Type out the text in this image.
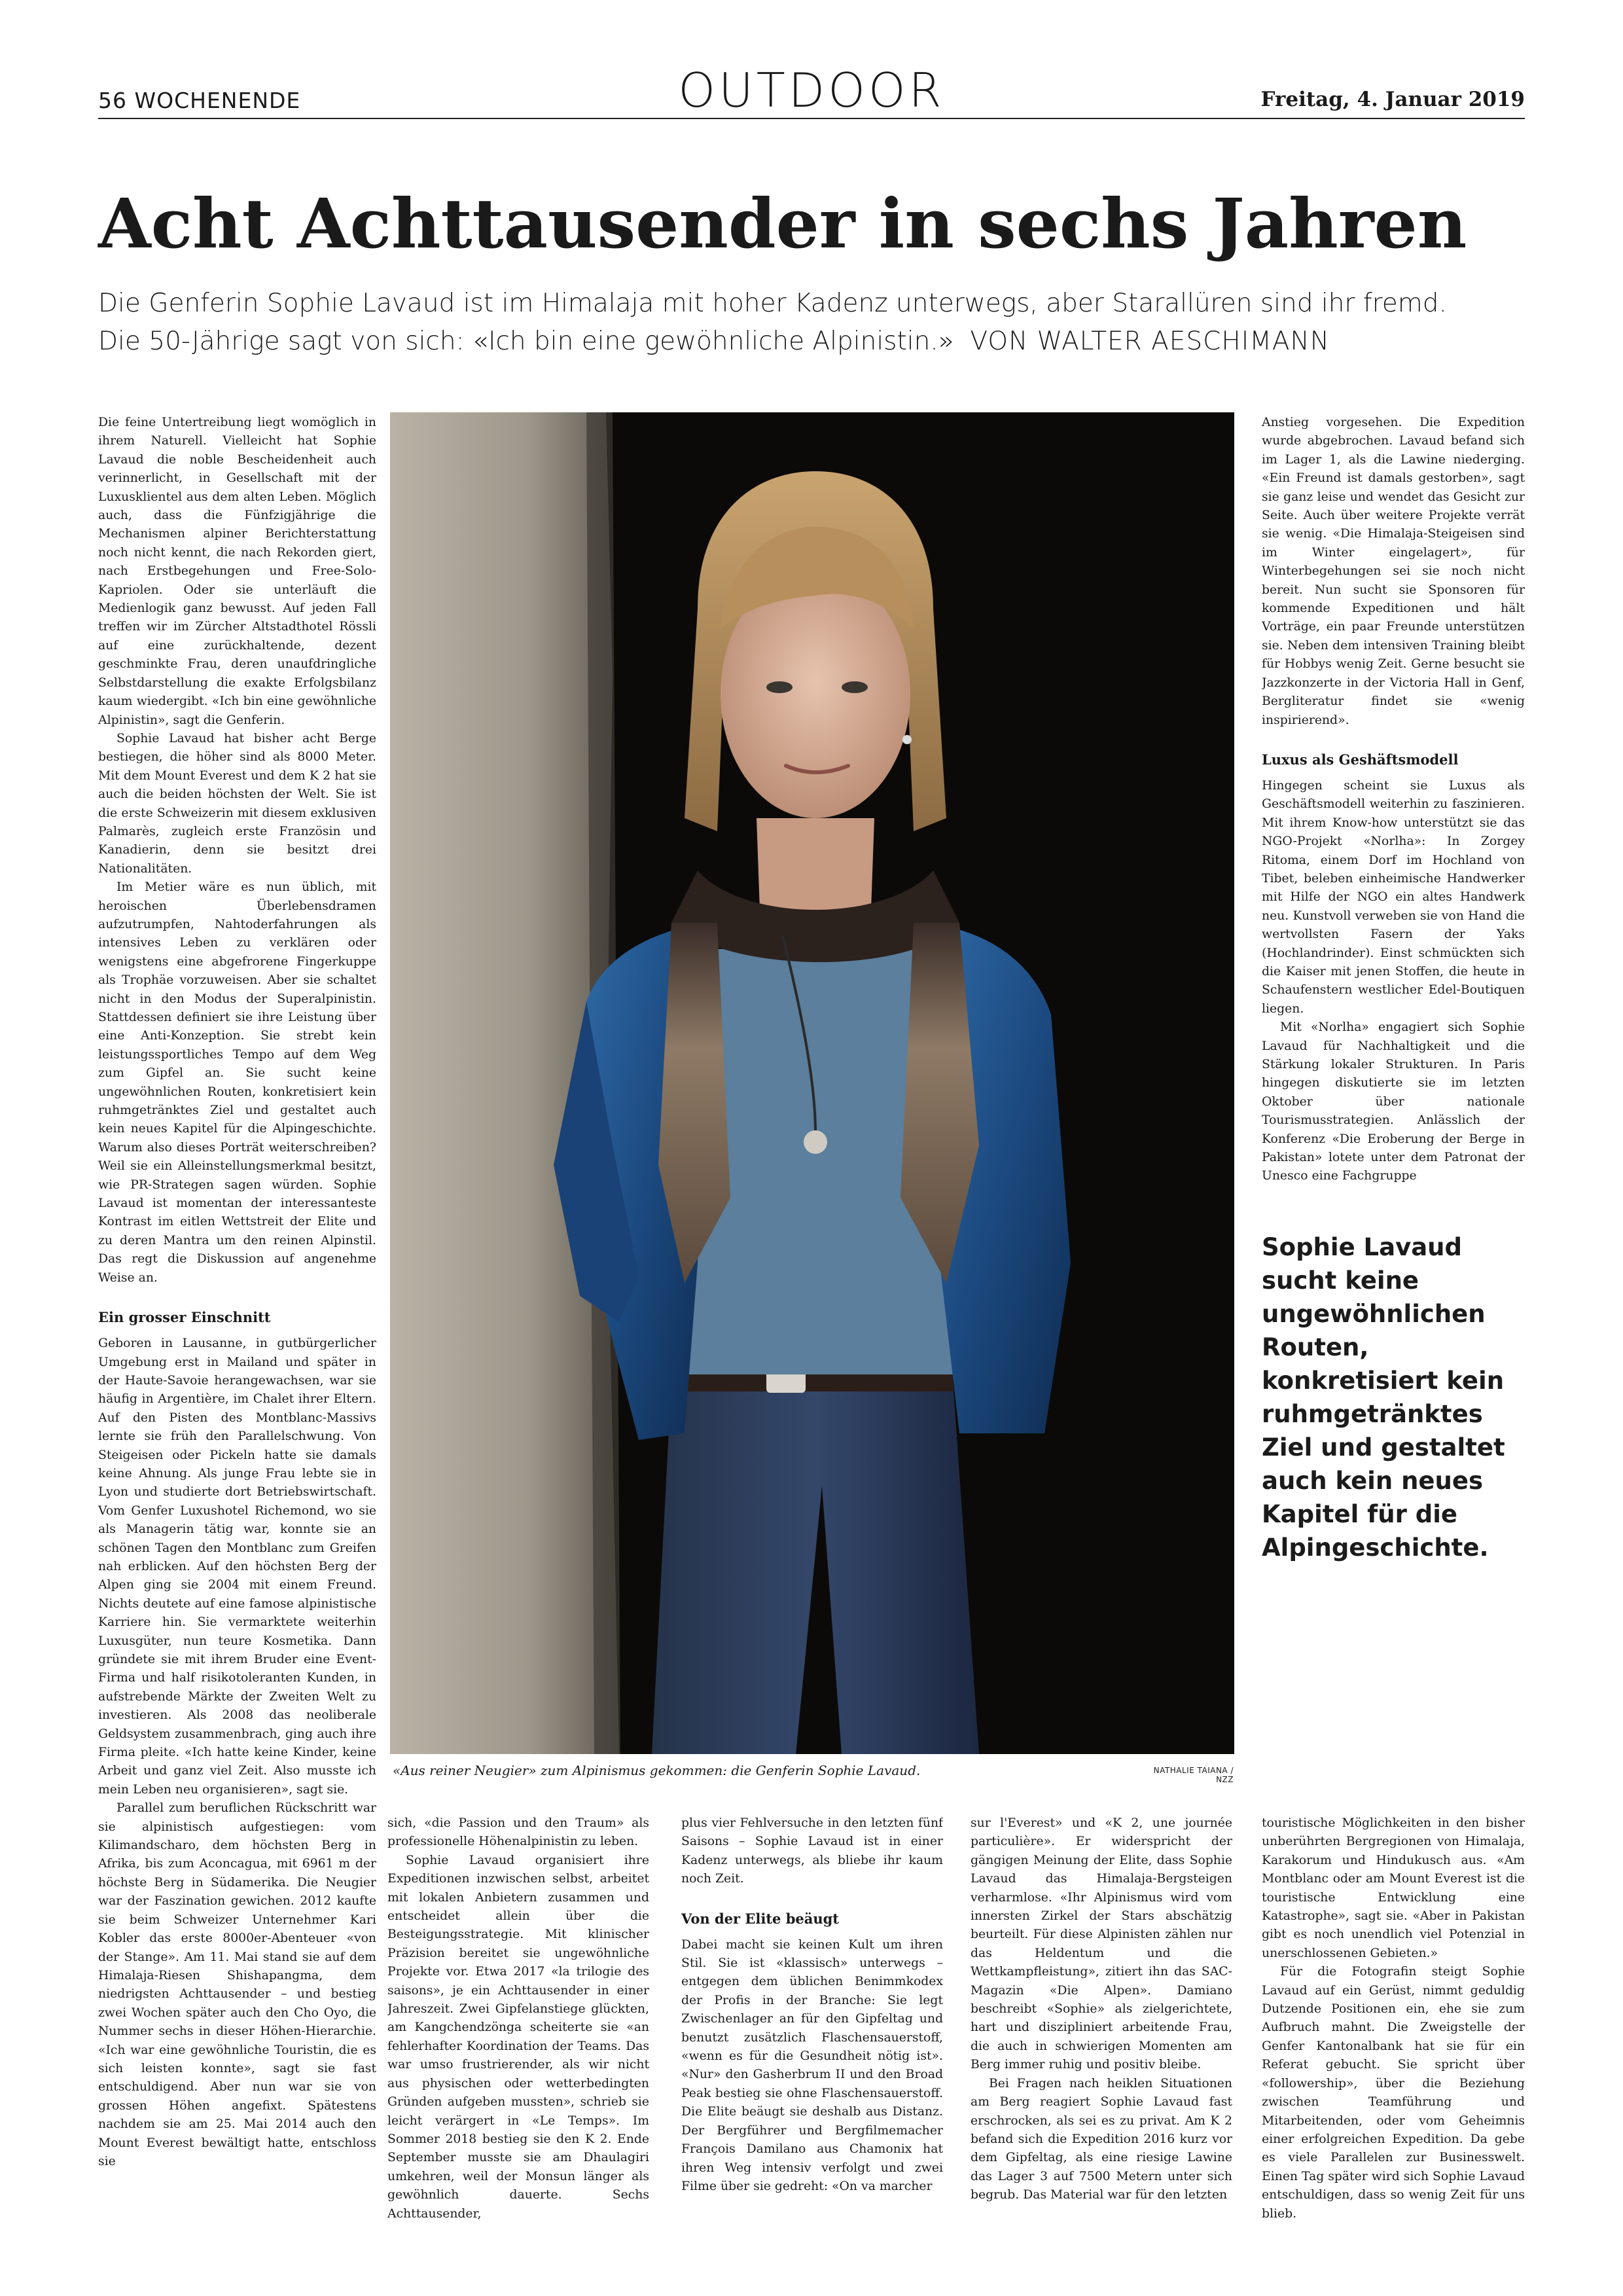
56 WOCHENENDE	OUTDOOR	Freitag, 4. Januar 2019
Acht Achttausender in sechs Jahren
Die Genferin Sophie Lavaud ist im Himalaja mit hoher Kadenz unterwegs, aber Starallüren sind ihr fremd.
Die 50-Jährige sagt von sich: «Ich bin eine gewöhnliche Alpinistin.» VON WALTER AESCHIMANN

Die feine Untertreibung liegt womöglich in ihrem Naturell. Vielleicht hat Sophie Lavaud die noble Bescheidenheit auch verinnerlicht, in Gesellschaft mit der Luxusklientel aus dem alten Leben. Möglich auch, dass die Fünfzigjährige die Mechanismen alpiner Berichterstattung noch nicht kennt, die nach Rekorden giert, nach Erstbegehungen und Free-Solo-Kapriolen. Oder sie unterläuft die Medienlogik ganz bewusst. Auf jeden Fall treffen wir im Zürcher Altstadthotel Rössli auf eine zurückhaltende, dezent geschminkte Frau, deren unaufdringliche Selbstdarstellung die exakte Erfolgsbilanz kaum wiedergibt. «Ich bin eine gewöhnliche Alpinistin», sagt die Genferin.

Sophie Lavaud hat bisher acht Berge bestiegen, die höher sind als 8000 Meter. Mit dem Mount Everest und dem K 2 hat sie auch die beiden höchsten der Welt. Sie ist die erste Schweizerin mit diesem exklusiven Palmarès, zugleich erste Französin und Kanadierin, denn sie besitzt drei Nationalitäten.

Im Metier wäre es nun üblich, mit heroischen Überlebensdramen aufzutrumpfen, Nahtoderfahrungen als intensives Leben zu verklären oder wenigstens eine abgefrorene Fingerkuppe als Trophäe vorzuweisen. Aber sie schaltet nicht in den Modus der Superalpinistin. Stattdessen definiert sie ihre Leistung über eine Anti-Konzeption. Sie strebt kein leistungssportliches Tempo auf dem Weg zum Gipfel an. Sie sucht keine ungewöhnlichen Routen, konkretisiert kein ruhmgetränktes Ziel und gestaltet auch kein neues Kapitel für die Alpingeschichte. Warum also dieses Porträt weiterschreiben? Weil sie ein Alleinstellungsmerkmal besitzt, wie PR-Strategen sagen würden. Sophie Lavaud ist momentan der interessanteste Kontrast im eitlen Wettstreit der Elite und zu deren Mantra um den reinen Alpinstil. Das regt die Diskussion auf angenehme Weise an.

Ein grosser Einschnitt

Geboren in Lausanne, in gutbürgerlicher Umgebung erst in Mailand und später in der Haute-Savoie herangewachsen, war sie häufig in Argentière, im Chalet ihrer Eltern. Auf den Pisten des Montblanc-Massivs lernte sie früh den Parallelschwung. Von Steigeisen oder Pickeln hatte sie damals keine Ahnung. Als junge Frau lebte sie in Lyon und studierte dort Betriebswirtschaft. Vom Genfer Luxushotel Richemond, wo sie als Managerin tätig war, konnte sie an schönen Tagen den Montblanc zum Greifen nah erblicken. Auf den höchsten Berg der Alpen ging sie 2004 mit einem Freund. Nichts deutete auf eine famose alpinistische Karriere hin. Sie vermarktete weiterhin Luxusgüter, nun teure Kosmetika. Dann gründete sie mit ihrem Bruder eine Event-Firma und half risikotoleranten Kunden, in aufstrebende Märkte der Zweiten Welt zu investieren. Als 2008 das neoliberale Geldsystem zusammenbrach, ging auch ihre Firma pleite. «Ich hatte keine Kinder, keine Arbeit und ganz viel Zeit. Also musste ich mein Leben neu organisieren», sagt sie.

Parallel zum beruflichen Rückschritt war sie alpinistisch aufgestiegen: vom Kilimandscharo, dem höchsten Berg in Afrika, bis zum Aconcagua, mit 6961 m der höchste Berg in Südamerika. Die Neugier war der Faszination gewichen. 2012 kaufte sie beim Schweizer Unternehmer Kari Kobler das erste 8000er-Abenteuer «von der Stange». Am 11. Mai stand sie auf dem Himalaja-Riesen Shishapangma, dem niedrigsten Achttausender – und bestieg zwei Wochen später auch den Cho Oyo, die Nummer sechs in dieser Höhen-Hierarchie. «Ich war eine gewöhnliche Touristin, die es sich leisten konnte», sagt sie fast entschuldigend. Aber nun war sie von grossen Höhen angefixt. Spätestens nachdem sie am 25. Mai 2014 auch den Mount Everest bewältigt hatte, entschloss sie

«Aus reiner Neugier» zum Alpinismus gekommen: die Genferin Sophie Lavaud.	NATHALIE TAIANA / NZZ

Anstieg vorgesehen. Die Expedition wurde abgebrochen. Lavaud befand sich im Lager 1, als die Lawine niederging. «Ein Freund ist damals gestorben», sagt sie ganz leise und wendet das Gesicht zur Seite. Auch über weitere Projekte verrät sie wenig. «Die Himalaja-Steigeisen sind im Winter eingelagert», für Winterbegehungen sei sie noch nicht bereit. Nun sucht sie Sponsoren für kommende Expeditionen und hält Vorträge, ein paar Freunde unterstützen sie. Neben dem intensiven Training bleibt für Hobbys wenig Zeit. Gerne besucht sie Jazzkonzerte in der Victoria Hall in Genf, Bergliteratur findet sie «wenig inspirierend».

Luxus als Geshäftsmodell

Hingegen scheint sie Luxus als Geschäftsmodell weiterhin zu faszinieren. Mit ihrem Know-how unterstützt sie das NGO-Projekt «Norlha»: In Zorgey Ritoma, einem Dorf im Hochland von Tibet, beleben einheimische Handwerker mit Hilfe der NGO ein altes Handwerk neu. Kunstvoll verweben sie von Hand die wertvollsten Fasern der Yaks (Hochlandrinder). Einst schmückten sich die Kaiser mit jenen Stoffen, die heute in Schaufenstern westlicher Edel-Boutiquen liegen.

Mit «Norlha» engagiert sich Sophie Lavaud für Nachhaltigkeit und die Stärkung lokaler Strukturen. In Paris hingegen diskutierte sie im letzten Oktober über nationale Tourismusstrategien. Anlässlich der Konferenz «Die Eroberung der Berge in Pakistan» lotete unter dem Patronat der Unesco eine Fachgruppe

Sophie Lavaud sucht keine ungewöhnlichen Routen, konkretisiert kein ruhmgetränktes Ziel und gestaltet auch kein neues Kapitel für die Alpingeschichte.

sich, «die Passion und den Traum» als professionelle Höhenalpinistin zu leben.

Sophie Lavaud organisiert ihre Expeditionen inzwischen selbst, arbeitet mit lokalen Anbietern zusammen und entscheidet allein über die Besteigungsstrategie. Mit klinischer Präzision bereitet sie ungewöhnliche Projekte vor. Etwa 2017 «la trilogie des saisons», je ein Achttausender in einer Jahreszeit. Zwei Gipfelanstiege glückten, am Kangchendzönga scheiterte sie «an fehlerhafter Koordination der Teams. Das war umso frustrierender, als wir nicht aus physischen oder wetterbedingten Gründen aufgeben mussten», schrieb sie leicht verärgert in «Le Temps». Im Sommer 2018 bestieg sie den K 2. Ende September musste sie am Dhaulagiri umkehren, weil der Monsun länger als gewöhnlich dauerte. Sechs Achttausender,

plus vier Fehlversuche in den letzten fünf Saisons – Sophie Lavaud ist in einer Kadenz unterwegs, als bliebe ihr kaum noch Zeit.

Von der Elite beäugt

Dabei macht sie keinen Kult um ihren Stil. Sie ist «klassisch» unterwegs – entgegen dem üblichen Benimmkodex der Profis in der Branche: Sie legt Zwischenlager an für den Gipfeltag und benutzt zusätzlich Flaschensauerstoff, «wenn es für die Gesundheit nötig ist». «Nur» den Gasherbrum II und den Broad Peak bestieg sie ohne Flaschensauerstoff. Die Elite beäugt sie deshalb aus Distanz. Der Bergführer und Bergfilmemacher François Damilano aus Chamonix hat ihren Weg intensiv verfolgt und zwei Filme über sie gedreht: «On va marcher

sur l'Everest» und «K 2, une journée particulière». Er widerspricht der gängigen Meinung der Elite, dass Sophie Lavaud das Himalaja-Bergsteigen verharmlose. «Ihr Alpinismus wird vom innersten Zirkel der Stars abschätzig beurteilt. Für diese Alpinisten zählen nur das Heldentum und die Wettkampfleistung», zitiert ihn das SAC-Magazin «Die Alpen». Damiano beschreibt «Sophie» als zielgerichtete, hart und diszipliniert arbeitende Frau, die auch in schwierigen Momenten am Berg immer ruhig und positiv bleibe.

Bei Fragen nach heiklen Situationen am Berg reagiert Sophie Lavaud fast erschrocken, als sei es zu privat. Am K 2 befand sich die Expedition 2016 kurz vor dem Gipfeltag, als eine riesige Lawine das Lager 3 auf 7500 Metern unter sich begrub. Das Material war für den letzten

touristische Möglichkeiten in den bisher unberührten Bergregionen von Himalaja, Karakorum und Hindukusch aus. «Am Montblanc oder am Mount Everest ist die touristische Entwicklung eine Katastrophe», sagt sie. «Aber in Pakistan gibt es noch unendlich viel Potenzial in unerschlossenen Gebieten.»

Für die Fotografin steigt Sophie Lavaud auf ein Gerüst, nimmt geduldig Dutzende Positionen ein, ehe sie zum Aufbruch mahnt. Die Zweigstelle der Genfer Kantonalbank hat sie für ein Referat gebucht. Sie spricht über «followership», über die Beziehung zwischen Teamführung und Mitarbeitenden, oder vom Geheimnis einer erfolgreichen Expedition. Da gebe es viele Parallelen zur Businesswelt. Einen Tag später wird sich Sophie Lavaud entschuldigen, dass so wenig Zeit für uns blieb.
